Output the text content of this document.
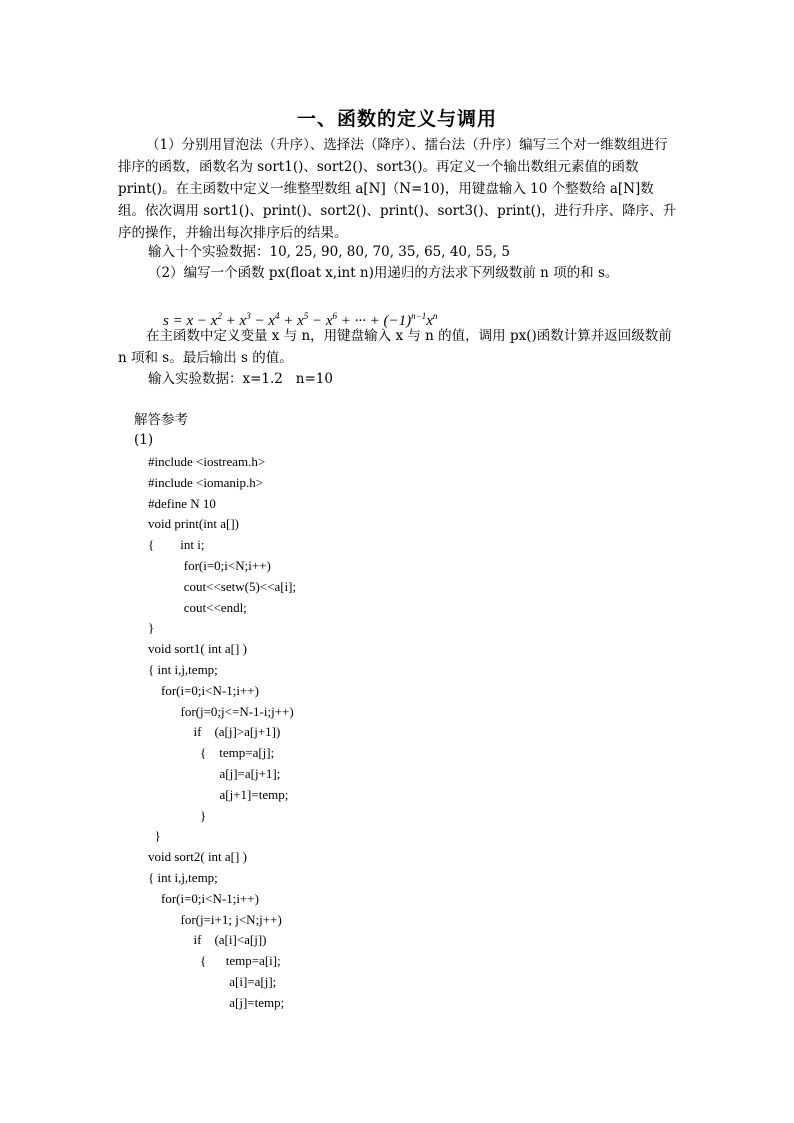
一、函数的定义与调用
（1）分别用冒泡法（升序）、选择法（降序）、擂台法（升序）编写三个对一维数组进行排序的函数，函数名为 sort1()、sort2()、sort3()。再定义一个输出数组元素值的函数print()。在主函数中定义一维整型数组 a[N]（N=10)，用键盘输入 10 个整数给 a[N]数组。依次调用 sort1()、print()、sort2()、print()、sort3()、print()，进行升序、降序、升序的操作，并输出每次排序后的结果。
输入十个实验数据：10, 25, 90, 80, 70, 35, 65, 40, 55, 5
（2）编写一个函数 px(float x,int n)用递归的方法求下列级数前 n 项的和 s。

$s = x - x^2 + x^3 - x^4 + x^5 - x^6$ + ··· + $(-1)^{n-1}x^n$

在主函数中定义变量 x 与 n，用键盘输入 x 与 n 的值，调用 px()函数计算并返回级数前 n 项和 s。最后输出 s 的值。
输入实验数据：x=1.2   n=10
解答参考
(1)
#include <iostream.h>
#include <iomanip.h>
#define N 10
void print(int a[])
{        int i;
for(i=0;i<N;i++)
cout<<setw(5)<<a[i];
cout<<endl;
}
void sort1( int a[] )
{ int i,j,temp;
for(i=0;i<N-1;i++)
for(j=0;j<=N-1-i;j++)
if    (a[j]>a[j+1])
{    temp=a[j];
a[j]=a[j+1];
a[j+1]=temp;
}
}
void sort2( int a[] )
{ int i,j,temp;
for(i=0;i<N-1;i++)
for(j=i+1; j<N;j++)
if    (a[i]<a[j])
{      temp=a[i];
a[i]=a[j];
a[j]=temp;
